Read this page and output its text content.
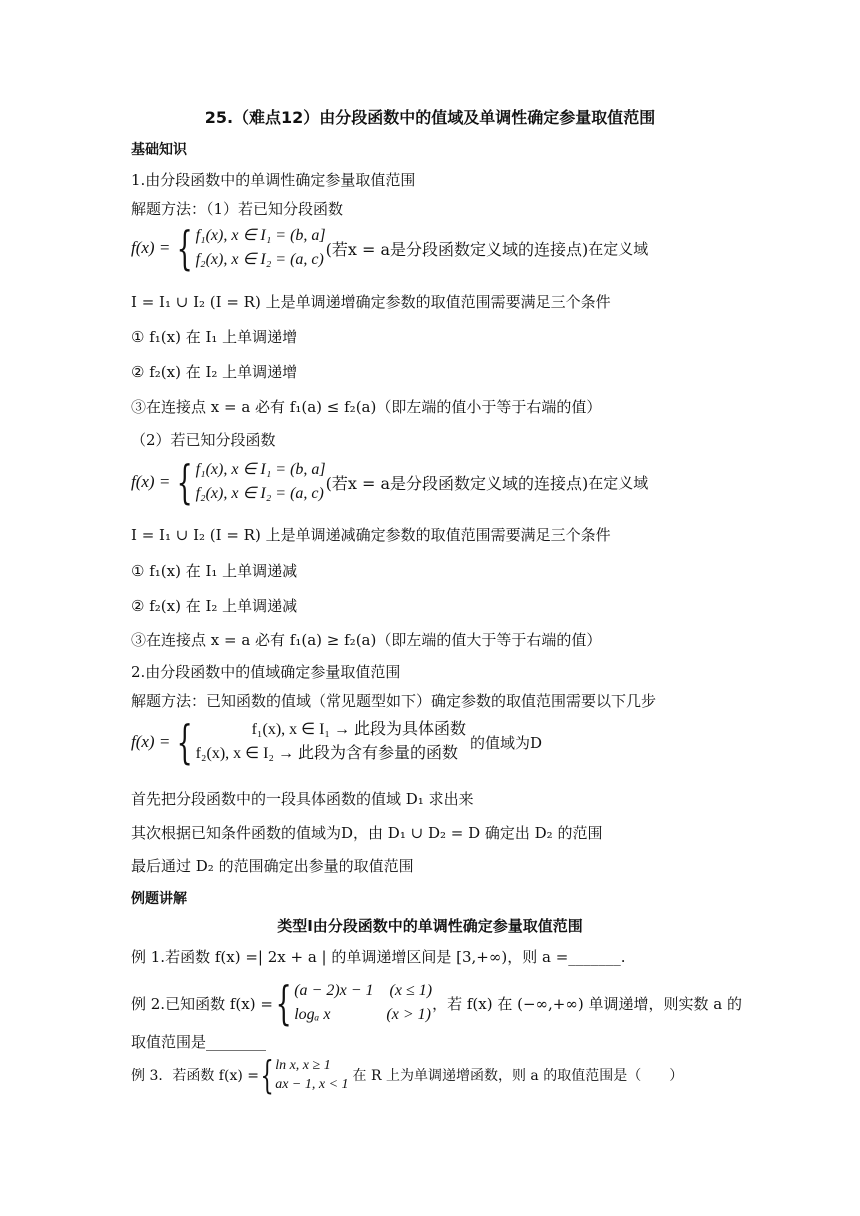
25.（难点12）由分段函数中的值域及单调性确定参量取值范围
基础知识
1.由分段函数中的单调性确定参量取值范围
解题方法：（1）若已知分段函数
f(x) = { f₁(x), x ∈ I₁ = (b, a]
f₂(x), x ∈ I₂ = (a, c)
(若x = a是分段函数定义域的连接点) 在定义域
I = I₁ ∪ I₂ (I = R) 上是单调递增确定参数的取值范围需要满足三个条件
① f₁(x) 在 I₁ 上单调递增
② f₂(x) 在 I₂ 上单调递增
③在连接点 x = a 必有 f₁(a) ≤ f₂(a)（即左端的值小于等于右端的值）
（2）若已知分段函数
f(x) = { f₁(x), x ∈ I₁ = (b, a]
f₂(x), x ∈ I₂ = (a, c)
(若x = a是分段函数定义域的连接点) 在定义域
I = I₁ ∪ I₂ (I = R) 上是单调递减确定参数的取值范围需要满足三个条件
① f₁(x) 在 I₁ 上单调递减
② f₂(x) 在 I₂ 上单调递减
③在连接点 x = a 必有 f₁(a) ≥ f₂(a)（即左端的值大于等于右端的值）
2.由分段函数中的值域确定参量取值范围
解题方法：已知函数的值域（常见题型如下）确定参数的取值范围需要以下几步
f(x) = {	f₁(x), x ∈ I₁ → 此段为具体函数
f₂(x), x ∈ I₂ → 此段为含有参量的函数
的值域为D
首先把分段函数中的一段具体函数的值域 D₁ 求出来
其次根据已知条件函数的值域为D，由 D₁ ∪ D₂ = D 确定出 D₂ 的范围
最后通过 D₂ 的范围确定出参量的取值范围
例题讲解
类型Ⅰ由分段函数中的单调性确定参量取值范围
例 1.若函数 f(x) =| 2x + a | 的单调递增区间是 [3,+∞)，则 a =_______.
例 2.已知函数 f(x) = { (a − 2)x − 1    (x ≤ 1)
logₐ x              (x > 1)
，若 f(x) 在 (−∞,+∞) 单调递增，则实数 a 的
取值范围是________
例 3．若函数 f(x) = { ln x, x ≥ 1
ax − 1, x < 1
在 R 上为单调递增函数，则 a 的取值范围是（　　）
